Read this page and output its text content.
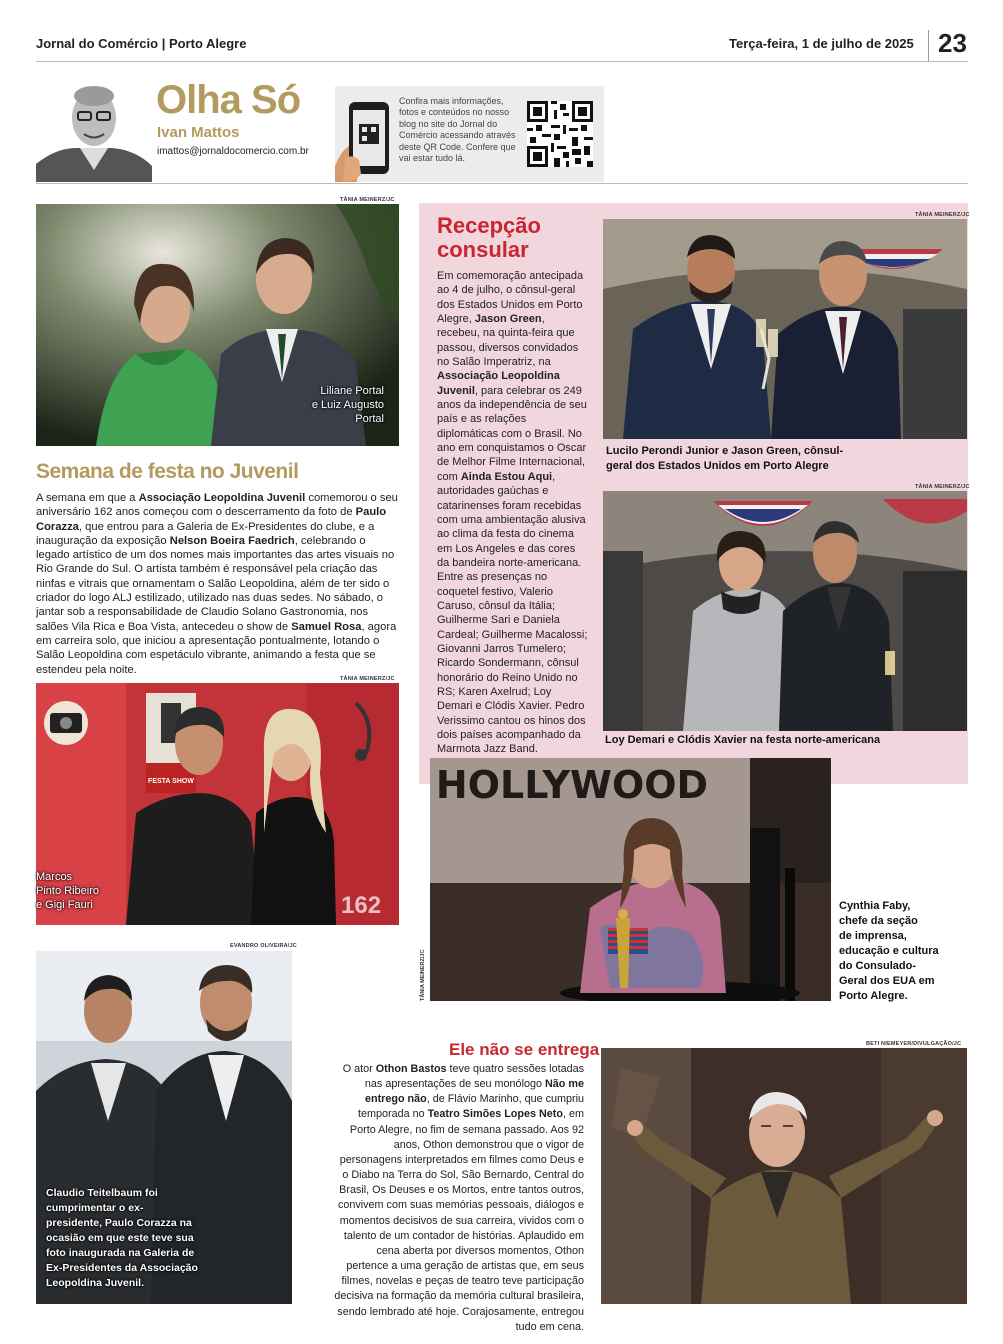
Jornal do Comércio | Porto Alegre	Terça-feira, 1 de julho de 2025 23
Olha Só
Ivan Mattos
imattos@jornaldocomercio.com.br
Confira mais informações, fotos e conteúdos no nosso blog no site do Jornal do Comércio acessando através deste QR Code. Confere que vai estar tudo lá.
TÂNIA MEINERZ/JC
Liliane Portal
e Luiz Augusto
Portal
Semana de festa no Juvenil
A semana em que a Associação Leopoldina Juvenil comemorou o seu aniversário 162 anos começou com o descerramento da foto de Paulo Corazza, que entrou para a Galeria de Ex-Presidentes do clube, e a inauguração da exposição Nelson Boeira Faedrich, celebrando o legado artístico de um dos nomes mais importantes das artes visuais no Rio Grande do Sul. O artista também é responsável pela criação das ninfas e vitrais que ornamentam o Salão Leopoldina, além de ter sido o criador do logo ALJ estilizado, utilizado nas duas sedes. No sábado, o jantar sob a responsabilidade de Claudio Solano Gastronomia, nos salões Vila Rica e Boa Vista, antecedeu o show de Samuel Rosa, agora em carreira solo, que iniciou a apresentação pontualmente, lotando o Salão Leopoldina com espetáculo vibrante, animando a festa que se estendeu pela noite.
TÂNIA MEINERZ/JC
FESTA SHOW
162
Marcos
Pinto Ribeiro
e Gigi Fauri
EVANDRO OLIVEIRA/JC
Claudio Teitelbaum foi
cumprimentar o ex-
presidente, Paulo Corazza na
ocasião em que este teve sua
foto inaugurada na Galeria de
Ex-Presidentes da Associação
Leopoldina Juvenil.
Recepção
consular
Em comemoração antecipada ao 4 de julho, o cônsul-geral dos Estados Unidos em Porto Alegre, Jason Green, recebeu, na quinta-feira que passou, diversos convidados no Salão Imperatriz, na Associação Leopoldina Juvenil, para celebrar os 249 anos da independência de seu país e as relações diplomáticas com o Brasil. No ano em conquistamos o Oscar de Melhor Filme Internacional, com Ainda Estou Aqui, autoridades gaúchas e catarinenses foram recebidas com uma ambientação alusiva ao clima da festa do cinema em Los Angeles e das cores da bandeira norte-americana. Entre as presenças no coquetel festivo, Valerio Caruso, cônsul da Itália; Guilherme Sari e Daniela Cardeal; Guilherme Macalossi; Giovanni Jarros Tumelero; Ricardo Sondermann, cônsul honorário do Reino Unido no RS; Karen Axelrud; Loy Demari e Clódis Xavier. Pedro Verissimo cantou os hinos dos dois países acompanhado da Marmota Jazz Band.
TÂNIA MEINERZ/JC
Lucilo Perondi Junior e Jason Green, cônsul-
geral dos Estados Unidos em Porto Alegre
TÂNIA MEINERZ/JC
Loy Demari e Clódis Xavier na festa norte-americana
TÂNIA MEINERZ/JC
HOLLYWOOD
Cynthia Faby,
chefe da seção
de imprensa,
educação e cultura
do Consulado-
Geral dos EUA em
Porto Alegre.
Ele não se entrega
O ator Othon Bastos teve quatro sessões lotadas nas apresentações de seu monólogo Não me entrego não, de Flávio Marinho, que cumpriu temporada no Teatro Simões Lopes Neto, em Porto Alegre, no fim de semana passado. Aos 92 anos, Othon demonstrou que o vigor de personagens interpretados em filmes como Deus e o Diabo na Terra do Sol, São Bernardo, Central do Brasil, Os Deuses e os Mortos, entre tantos outros, convivem com suas memórias pessoais, diálogos e momentos decisivos de sua carreira, vividos com o talento de um contador de histórias. Aplaudido em cena aberta por diversos momentos, Othon pertence a uma geração de artistas que, em seus filmes, novelas e peças de teatro teve participação decisiva na formação da memória cultural brasileira, sendo lembrado até hoje. Corajosamente, entregou tudo em cena.
BETI NIEMEYER/DIVULGAÇÃO/JC
